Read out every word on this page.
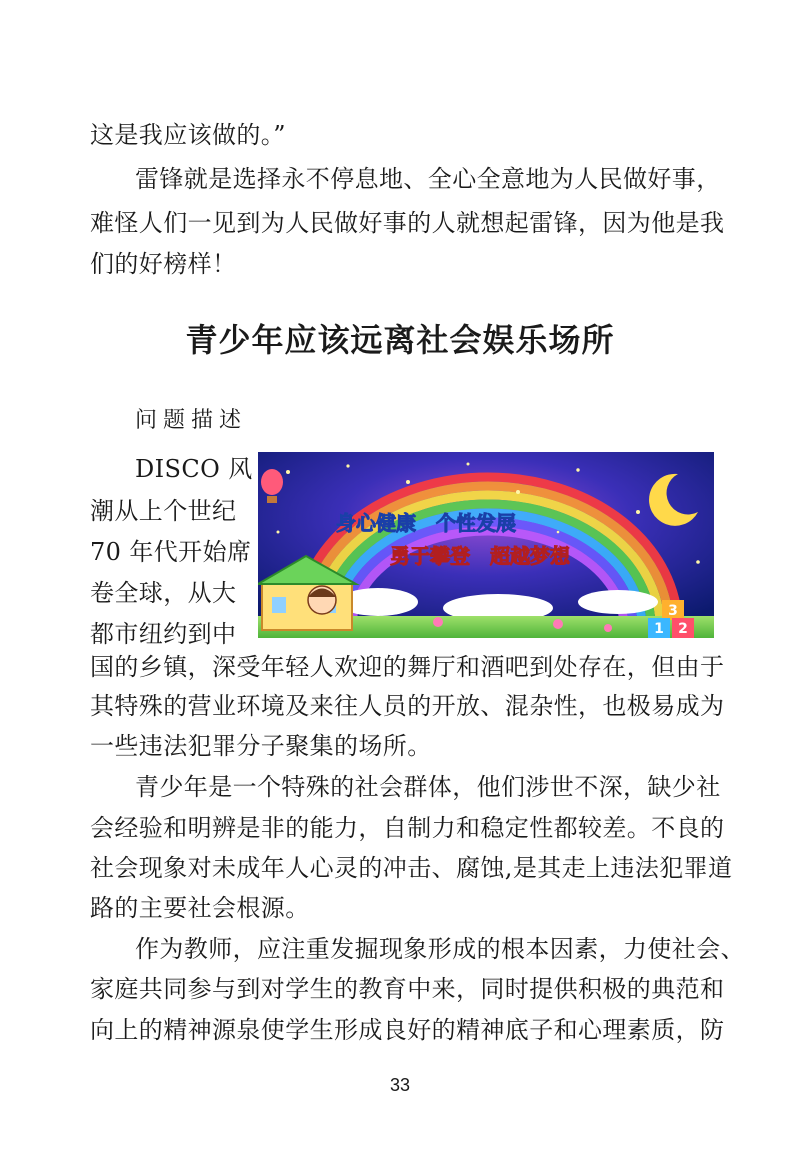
这是我应该做的。”
雷锋就是选择永不停息地、全心全意地为人民做好事，
难怪人们一见到为人民做好事的人就想起雷锋，因为他是我
们的好榜样！
青少年应该远离社会娱乐场所
问题描述
DISCO 风
潮从上个世纪
70 年代开始席
卷全球，从大
都市纽约到中
身心健康　个性发展
勇于攀登　超越梦想
3
1 2
国的乡镇，深受年轻人欢迎的舞厅和酒吧到处存在，但由于
其特殊的营业环境及来往人员的开放、混杂性，也极易成为
一些违法犯罪分子聚集的场所。
青少年是一个特殊的社会群体，他们涉世不深，缺少社
会经验和明辨是非的能力，自制力和稳定性都较差。不良的
社会现象对未成年人心灵的冲击、腐蚀,是其走上违法犯罪道
路的主要社会根源。
作为教师，应注重发掘现象形成的根本因素，力使社会、
家庭共同参与到对学生的教育中来，同时提供积极的典范和
向上的精神源泉使学生形成良好的精神底子和心理素质，防
33
